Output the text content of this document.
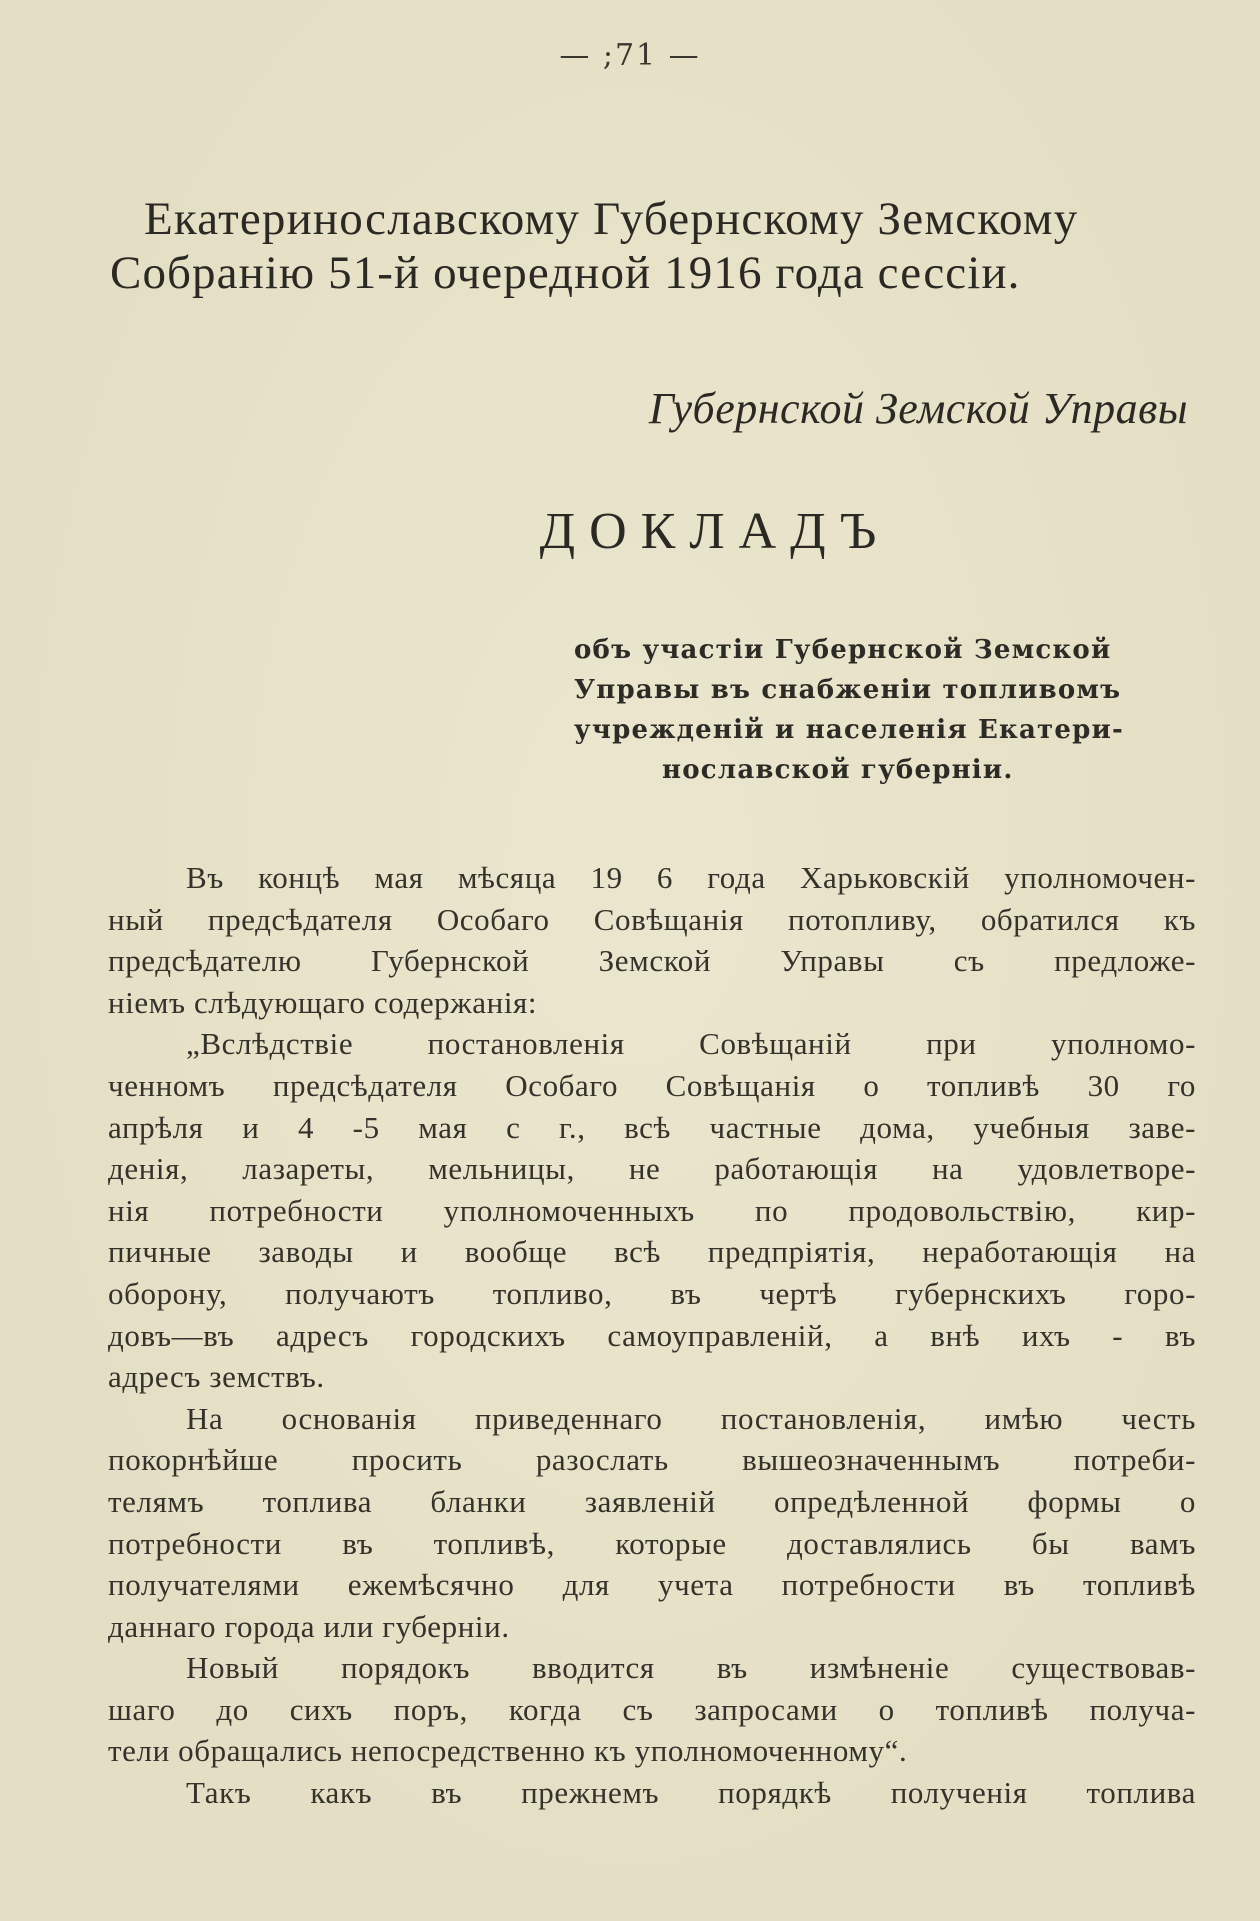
— ;71 —
Екатеринославскому Губернскому Земскому
Собранію 51-й очередной 1916 года сессіи.
Губернской Земской Управы
ДОКЛАДЪ
объ участіи Губернской Земской
Управы въ снабженіи топливомъ
учрежденій и населенія Екатери-
нославской губерніи.
Въ концѣ мая мѣсяца 19 6 года Харьковскій уполномочен-
ный предсѣдателя Особаго Совѣщанія потопливу, обратился къ
предсѣдателю Губернской Земской Управы съ предложе-
ніемъ слѣдующаго содержанія:
„Вслѣдствіе постановленія Совѣщаній при уполномо-
ченномъ предсѣдателя Особаго Совѣщанія о топливѣ 30 го
апрѣля и 4 -5 мая с г., всѣ частные дома, учебныя заве-
денія, лазареты, мельницы, не работающія на удовлетворе-
нія потребности уполномоченныхъ по продовольствію, кир-
пичные заводы и вообще всѣ предпріятія, неработающія на
оборону, получаютъ топливо, въ чертѣ губернскихъ горо-
довъ—въ адресъ городскихъ самоуправленій, а внѣ ихъ - въ
адресъ земствъ.
На основанія приведеннаго постановленія, имѣю честь
покорнѣйше просить разослать вышеозначеннымъ потреби-
телямъ топлива бланки заявленій опредѣленной формы о
потребности въ топливѣ, которые доставлялись бы вамъ
получателями ежемѣсячно для учета потребности въ топливѣ
даннаго города или губерніи.
Новый порядокъ вводится въ измѣненіе существовав-
шаго до сихъ поръ, когда съ запросами о топливѣ получа-
тели обращались непосредственно къ уполномоченному“.
Такъ какъ въ прежнемъ порядкѣ полученія топлива
